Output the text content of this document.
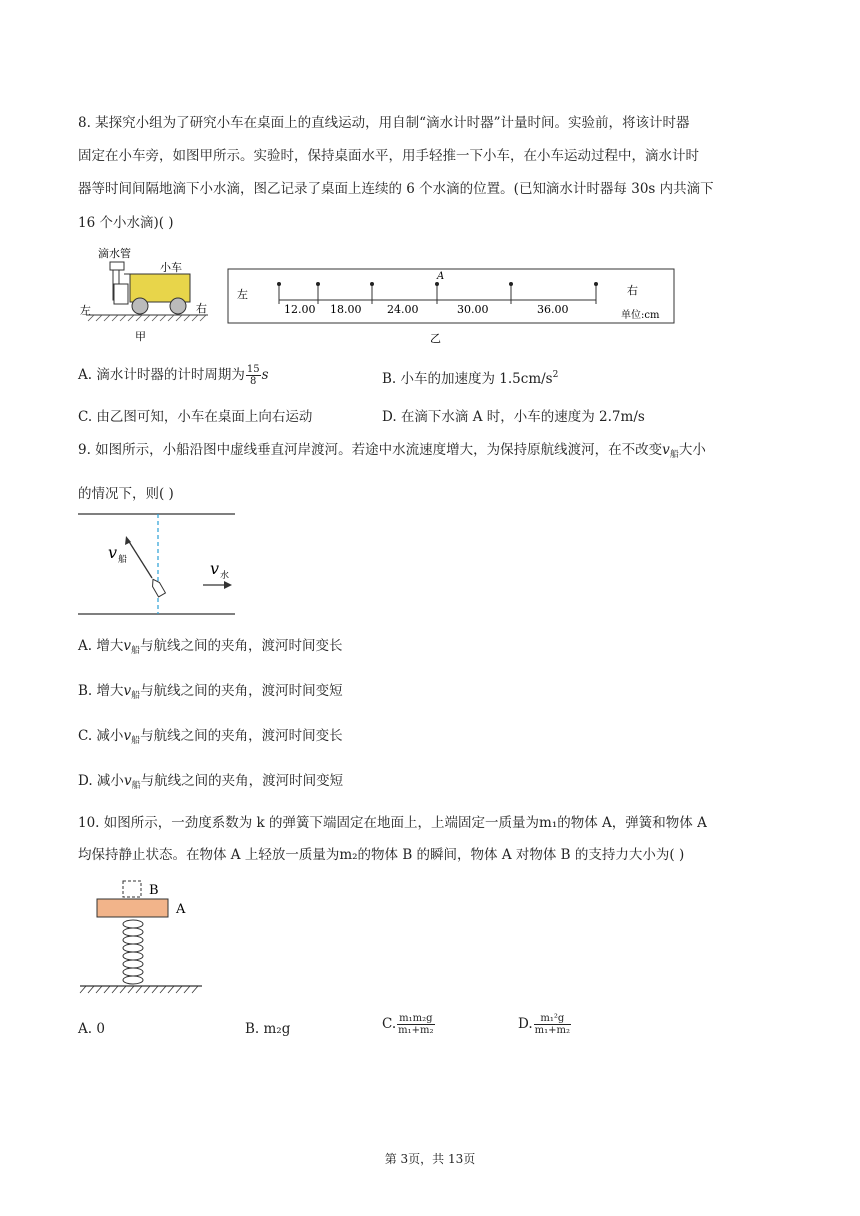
8. 某探究小组为了研究小车在桌面上的直线运动，用自制“滴水计时器”计量时间。实验前，将该计时器
固定在小车旁，如图甲所示。实验时，保持桌面水平，用手轻推一下小车，在小车运动过程中，滴水计时
器等时间间隔地滴下小水滴，图乙记录了桌面上连续的 6 个水滴的位置。(已知滴水计时器每 30s 内共滴下
16 个小水滴)( )
滴水管
小车
左	右
甲
左	右
A
单位:cm
12.00 18.00 24.00	30.00	36.00
乙
A. 滴水计时器的计时周期为 $\frac{15}{8}$ s	B. 小车的加速度为 $1.5cm/s^2$
C. 由乙图可知，小车在桌面上向右运动	D. 在滴下水滴 A 时，小车的速度为 2.7m/s
9. 如图所示，小船沿图中虚线垂直河岸渡河。若途中水流速度增大，为保持原航线渡河，在不改变$v_船$大小
的情况下，则( )
v 船	v 水
A. 增大$v_船$与航线之间的夹角，渡河时间变长
B. 增大$v_船$与航线之间的夹角，渡河时间变短
C. 减小$v_船$与航线之间的夹角，渡河时间变长
D. 减小$v_船$与航线之间的夹角，渡河时间变短
10. 如图所示，一劲度系数为 k 的弹簧下端固定在地面上，上端固定一质量为m₁的物体 A，弹簧和物体 A
均保持静止状态。在物体 A 上轻放一质量为m₂的物体 B 的瞬间，物体 A 对物体 B 的支持力大小为( )
B
A
A. 0	B. m₂g	C. $\frac{\text{m₁m₂g}}{\text{m₁+m₂}}$	D. $\frac{\text{m₁²g}}{\text{m₁+m₂}}$
第 3页，共 13页
